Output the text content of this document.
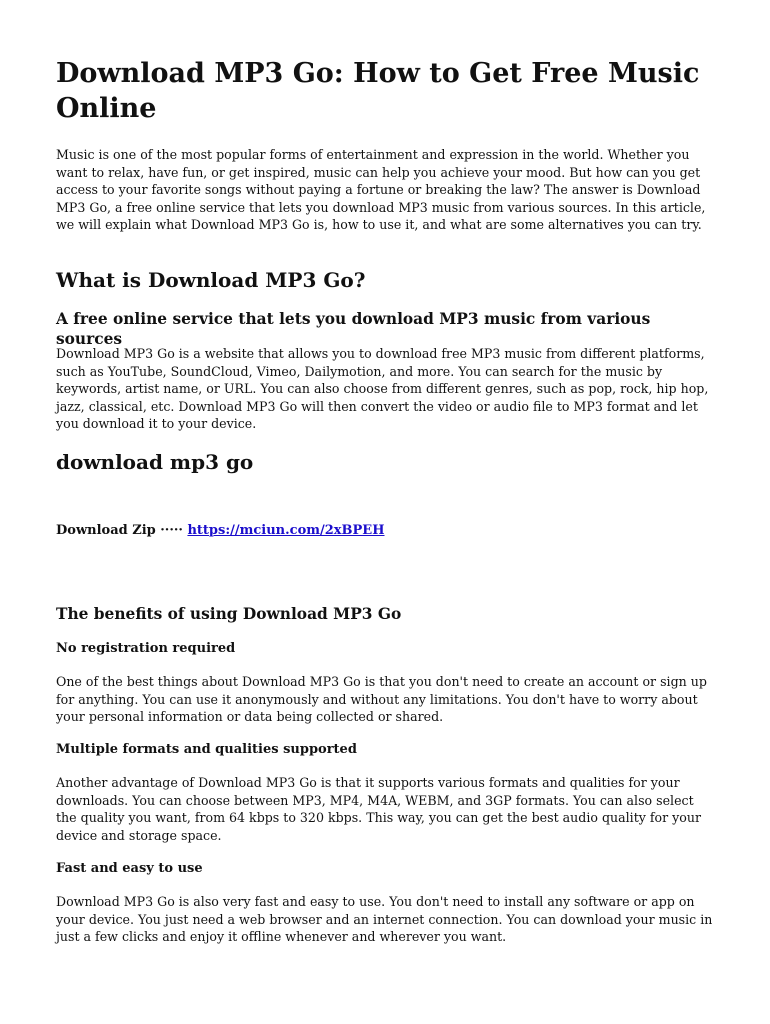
Download MP3 Go: How to Get Free Music Online

Music is one of the most popular forms of entertainment and expression in the world. Whether you want to relax, have fun, or get inspired, music can help you achieve your mood. But how can you get access to your favorite songs without paying a fortune or breaking the law? The answer is Download MP3 Go, a free online service that lets you download MP3 music from various sources. In this article, we will explain what Download MP3 Go is, how to use it, and what are some alternatives you can try.

What is Download MP3 Go?
A free online service that lets you download MP3 music from various sources

Download MP3 Go is a website that allows you to download free MP3 music from different platforms, such as YouTube, SoundCloud, Vimeo, Dailymotion, and more. You can search for the music by keywords, artist name, or URL. You can also choose from different genres, such as pop, rock, hip hop, jazz, classical, etc. Download MP3 Go will then convert the video or audio file to MP3 format and let you download it to your device.

download mp3 go
Download Zip ····· https://mciun.com/2xBPEH
The benefits of using Download MP3 Go
No registration required

One of the best things about Download MP3 Go is that you don't need to create an account or sign up for anything. You can use it anonymously and without any limitations. You don't have to worry about your personal information or data being collected or shared.

Multiple formats and qualities supported

Another advantage of Download MP3 Go is that it supports various formats and qualities for your downloads. You can choose between MP3, MP4, M4A, WEBM, and 3GP formats. You can also select the quality you want, from 64 kbps to 320 kbps. This way, you can get the best audio quality for your device and storage space.

Fast and easy to use

Download MP3 Go is also very fast and easy to use. You don't need to install any software or app on your device. You just need a web browser and an internet connection. You can download your music in just a few clicks and enjoy it offline whenever and wherever you want.
